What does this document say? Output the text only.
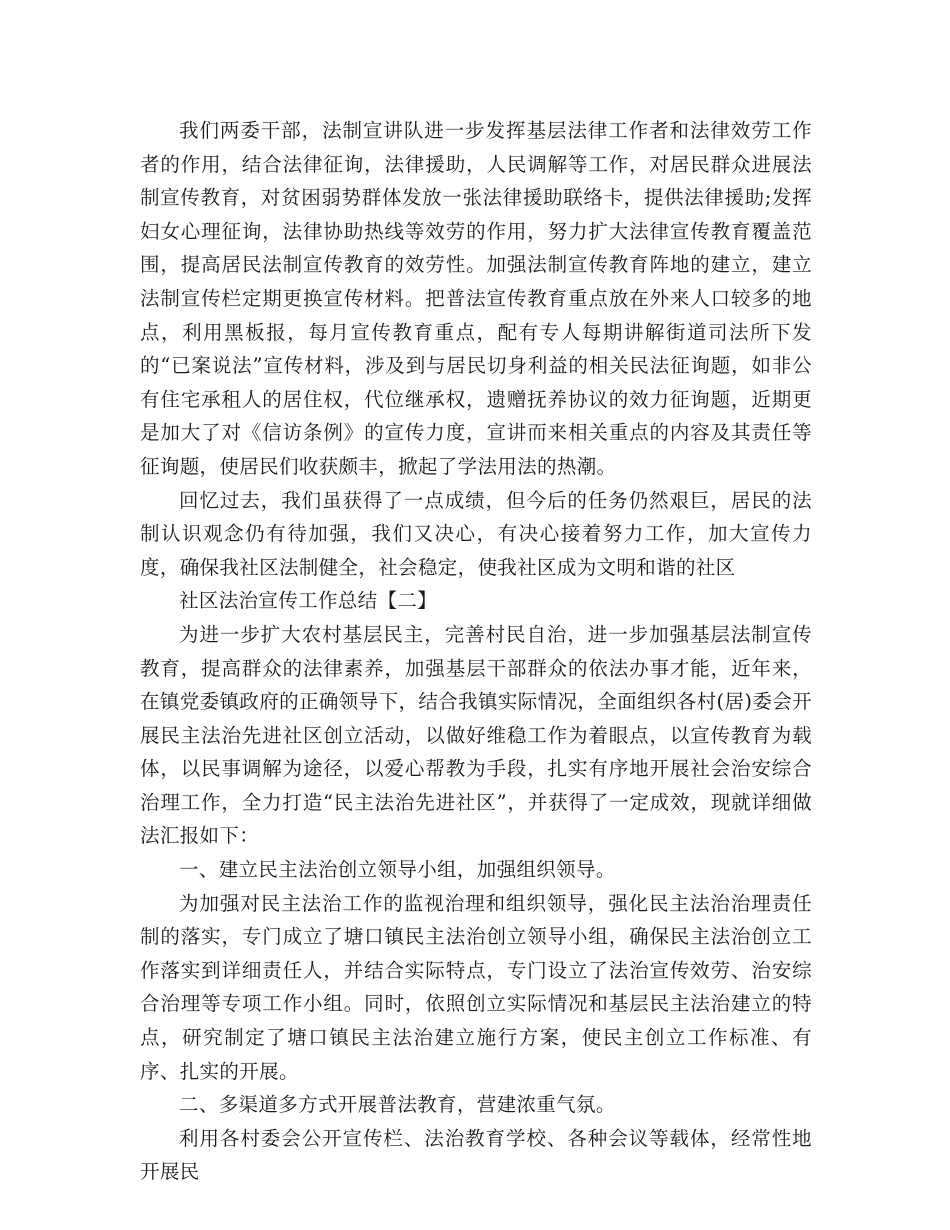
我们两委干部，法制宣讲队进一步发挥基层法律工作者和法律效劳工作者的作用，结合法律征询，法律援助，人民调解等工作，对居民群众进展法制宣传教育，对贫困弱势群体发放一张法律援助联络卡，提供法律援助;发挥妇女心理征询，法律协助热线等效劳的作用，努力扩大法律宣传教育覆盖范围，提高居民法制宣传教育的效劳性。加强法制宣传教育阵地的建立，建立法制宣传栏定期更换宣传材料。把普法宣传教育重点放在外来人口较多的地点，利用黑板报，每月宣传教育重点，配有专人每期讲解街道司法所下发的“已案说法”宣传材料，涉及到与居民切身利益的相关民法征询题，如非公有住宅承租人的居住权，代位继承权，遗赠抚养协议的效力征询题，近期更是加大了对《信访条例》的宣传力度，宣讲而来相关重点的内容及其责任等征询题，使居民们收获颇丰，掀起了学法用法的热潮。

回忆过去，我们虽获得了一点成绩，但今后的任务仍然艰巨，居民的法制认识观念仍有待加强，我们又决心，有决心接着努力工作，加大宣传力度，确保我社区法制健全，社会稳定，使我社区成为文明和谐的社区

社区法治宣传工作总结【二】

为进一步扩大农村基层民主，完善村民自治，进一步加强基层法制宣传教育，提高群众的法律素养，加强基层干部群众的依法办事才能，近年来，在镇党委镇政府的正确领导下，结合我镇实际情况，全面组织各村(居)委会开展民主法治先进社区创立活动，以做好维稳工作为着眼点，以宣传教育为载体，以民事调解为途径，以爱心帮教为手段，扎实有序地开展社会治安综合治理工作，全力打造“民主法治先进社区”，并获得了一定成效，现就详细做法汇报如下：

一、建立民主法治创立领导小组，加强组织领导。

为加强对民主法治工作的监视治理和组织领导，强化民主法治治理责任制的落实，专门成立了塘口镇民主法治创立领导小组，确保民主法治创立工作落实到详细责任人，并结合实际特点，专门设立了法治宣传效劳、治安综合治理等专项工作小组。同时，依照创立实际情况和基层民主法治建立的特点，研究制定了塘口镇民主法治建立施行方案，使民主创立工作标准、有序、扎实的开展。

二、多渠道多方式开展普法教育，营建浓重气氛。

利用各村委会公开宣传栏、法治教育学校、各种会议等载体，经常性地开展民
